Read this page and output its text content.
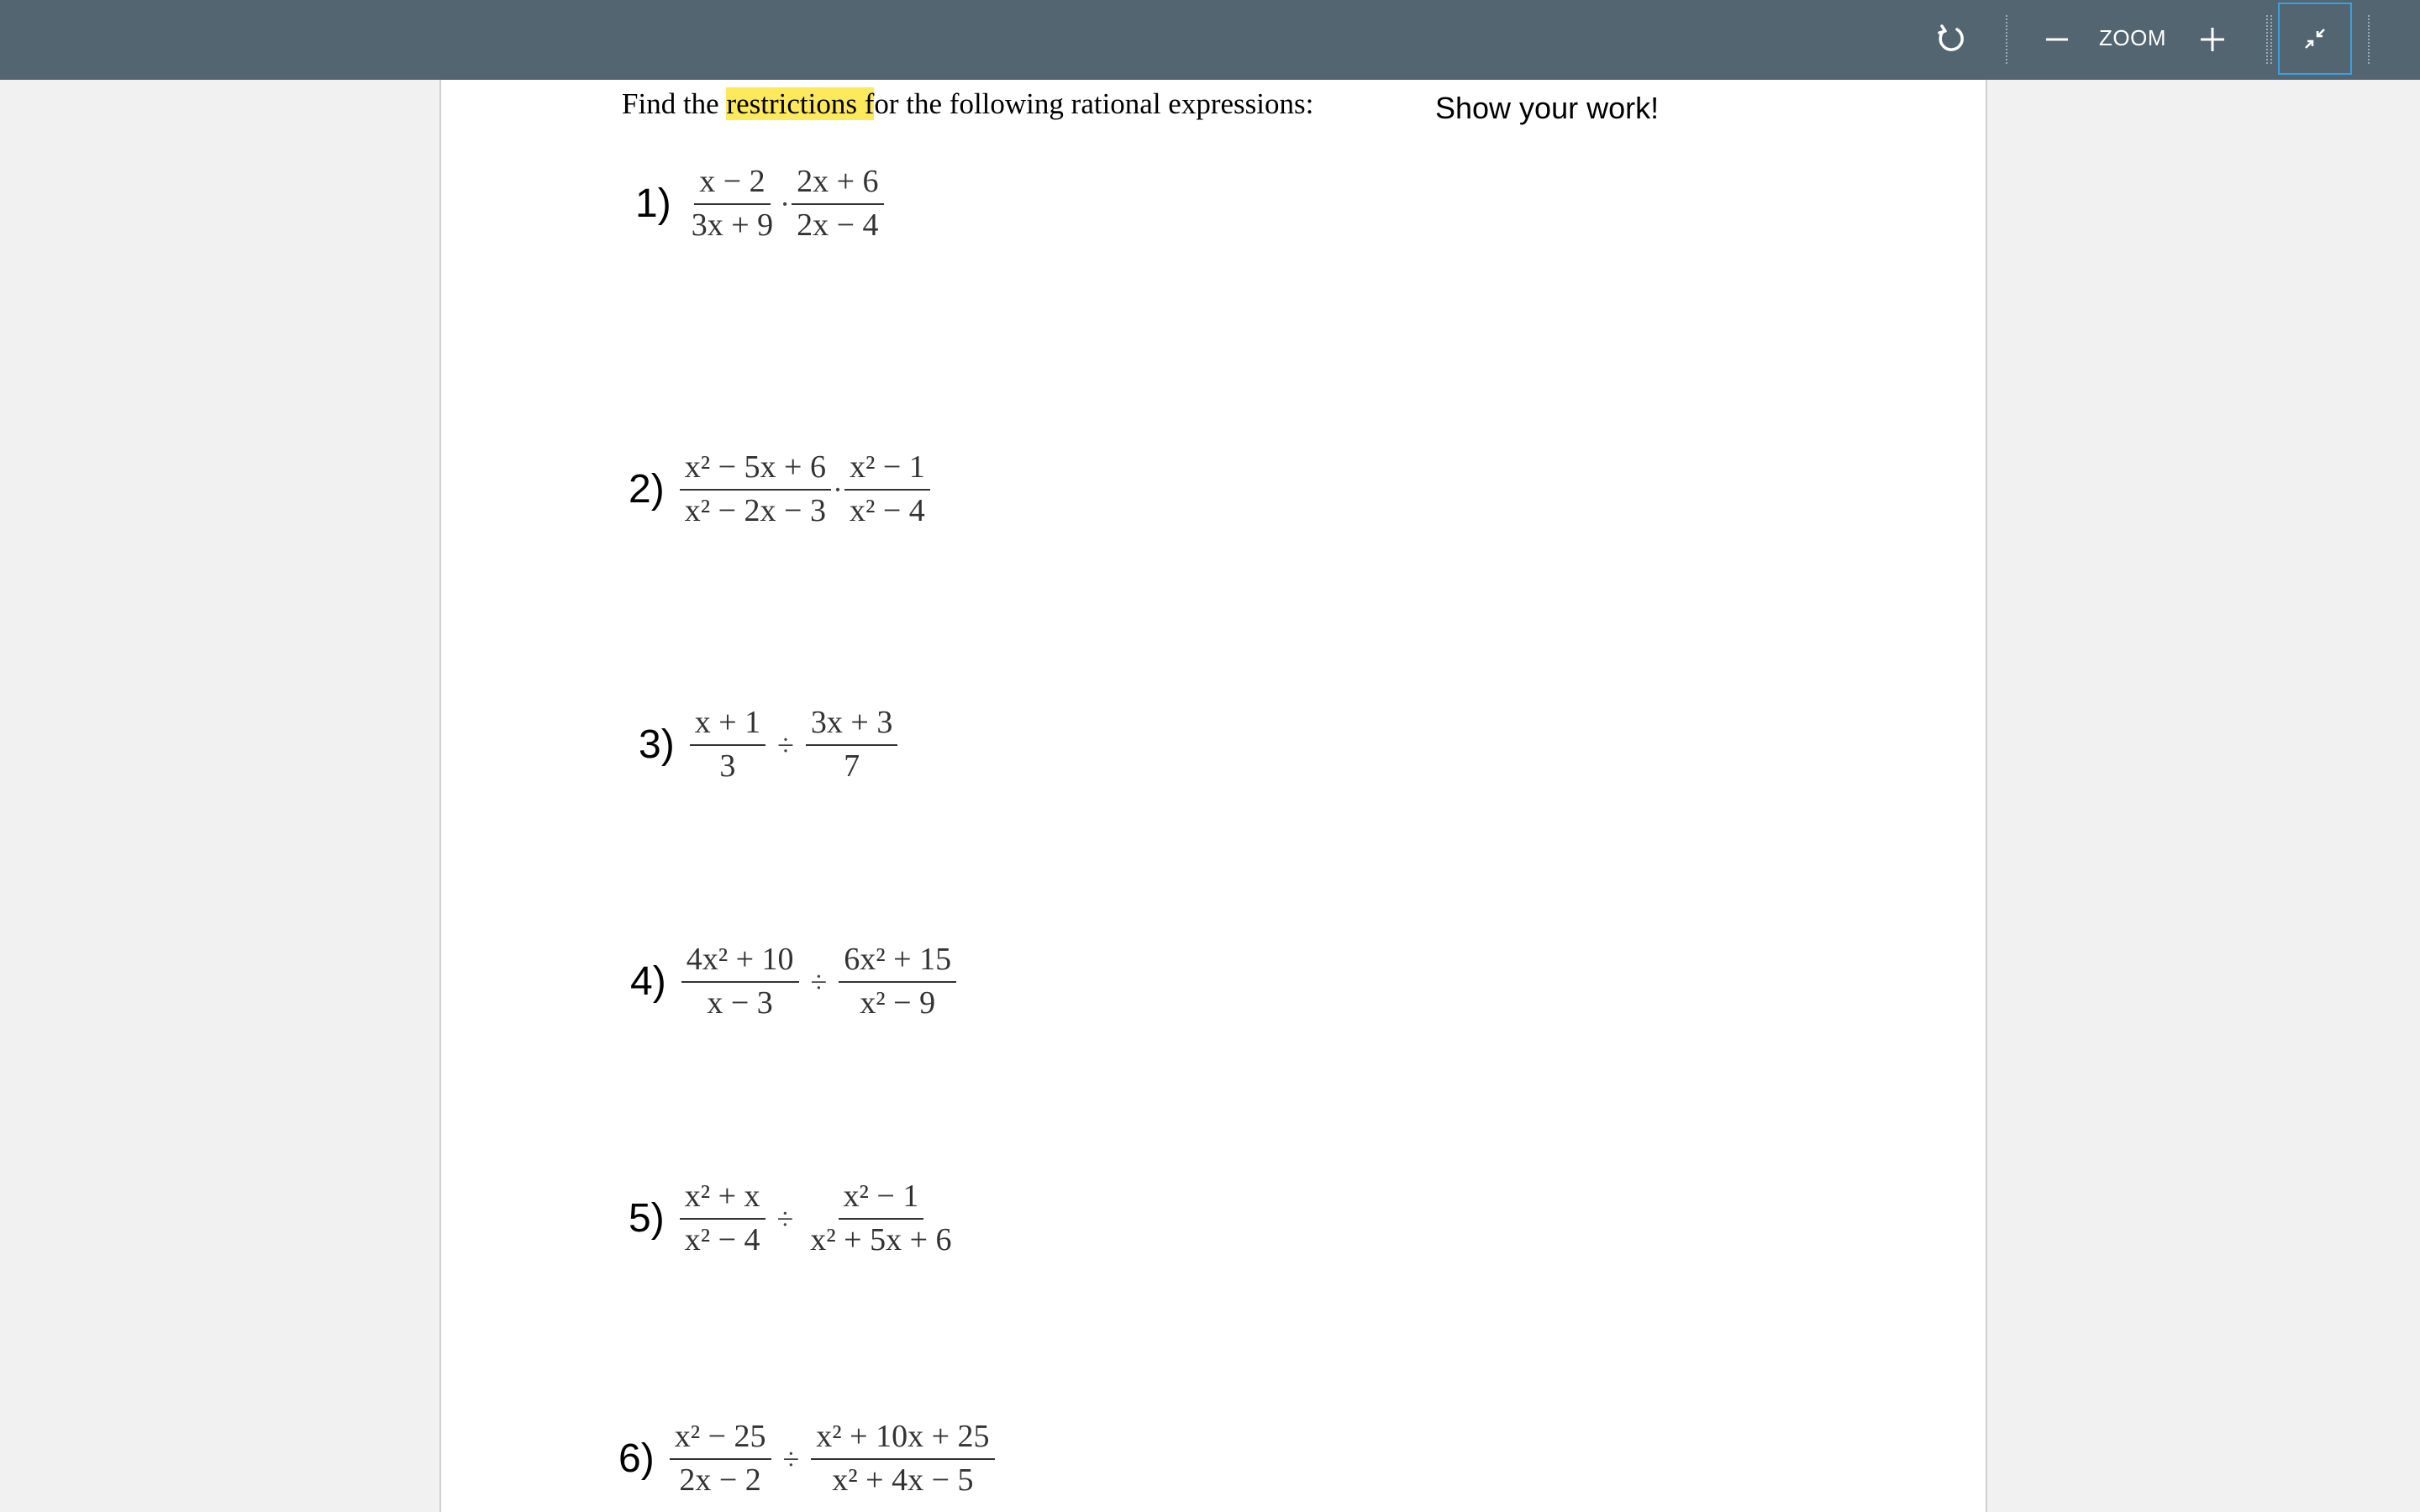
ZOOM
Find the restrictions for the following rational expressions:	Show your work!
$1) \frac{x - 2}{3x + 9} \cdot \frac{2x + 6}{2x - 4}$
$2) \frac{\text{x² − 5x + 6}}{\text{x² − 2x − 3}} \cdot \frac{\text{x² − 1}}{\text{x² − 4}}$
$3) \frac{x + 1}{3} \div \frac{3x + 3}{7}$
$4) \frac{\text{4x² + 10}}{x - 3} \div \frac{\text{6x² + 15}}{\text{x² − 9}}$
$5) \frac{\text{x² + x}}{\text{x² − 4}} \div \frac{\text{x² − 1}}{\text{x² + 5x + 6}}$
$6) \frac{\text{x² − 25}}{2x - 2} \div \frac{\text{x² + 10x + 25}}{\text{x² + 4x − 5}}$
